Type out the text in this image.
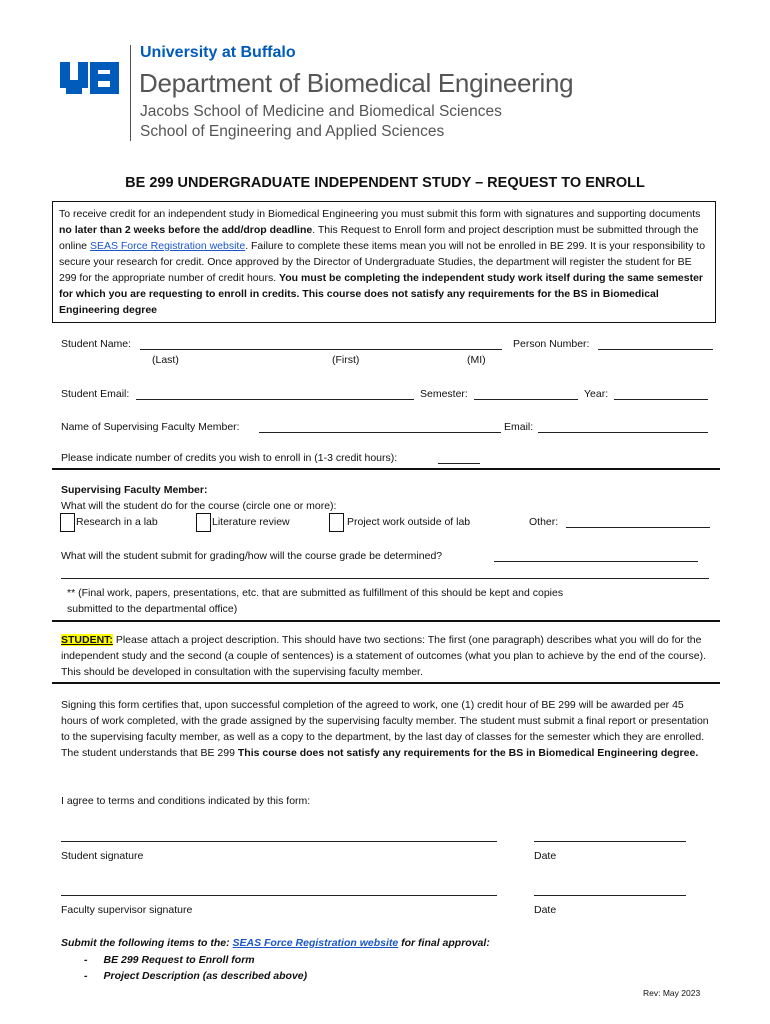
University at Buffalo
Department of Biomedical Engineering
Jacobs School of Medicine and Biomedical Sciences
School of Engineering and Applied Sciences
BE 299 UNDERGRADUATE INDEPENDENT STUDY – REQUEST TO ENROLL
To receive credit for an independent study in Biomedical Engineering you must submit this form with signatures and supporting documents no later than 2 weeks before the add/drop deadline. This Request to Enroll form and project description must be submitted through the online SEAS Force Registration website. Failure to complete these items mean you will not be enrolled in BE 299. It is your responsibility to secure your research for credit. Once approved by the Director of Undergraduate Studies, the department will register the student for BE 299 for the appropriate number of credit hours. You must be completing the independent study work itself during the same semester for which you are requesting to enroll in credits. This course does not satisfy any requirements for the BS in Biomedical Engineering degree
Student Name:	Person Number:
(Last)	(First)	(MI)
Student Email:	Semester:	Year:
Name of Supervising Faculty Member:	Email:
Please indicate number of credits you wish to enroll in (1-3 credit hours):
Supervising Faculty Member:
What will the student do for the course (circle one or more):
Research in a lab	Literature review	Project work outside of lab	Other:
What will the student submit for grading/how will the course grade be determined?
** (Final work, papers, presentations, etc. that are submitted as fulfillment of this should be kept and copies
submitted to the departmental office)
STUDENT: Please attach a project description. This should have two sections: The first (one paragraph) describes what you will do for the independent study and the second (a couple of sentences) is a statement of outcomes (what you plan to achieve by the end of the course). This should be developed in consultation with the supervising faculty member.
Signing this form certifies that, upon successful completion of the agreed to work, one (1) credit hour of BE 299 will be awarded per 45 hours of work completed, with the grade assigned by the supervising faculty member. The student must submit a final report or presentation to the supervising faculty member, as well as a copy to the department, by the last day of classes for the semester which they are enrolled. The student understands that BE 299 This course does not satisfy any requirements for the BS in Biomedical Engineering degree.
I agree to terms and conditions indicated by this form:
Student signature	Date
Faculty supervisor signature	Date
Submit the following items to the: SEAS Force Registration website for final approval:
- BE 299 Request to Enroll form
- Project Description (as described above)
Rev: May 2023
